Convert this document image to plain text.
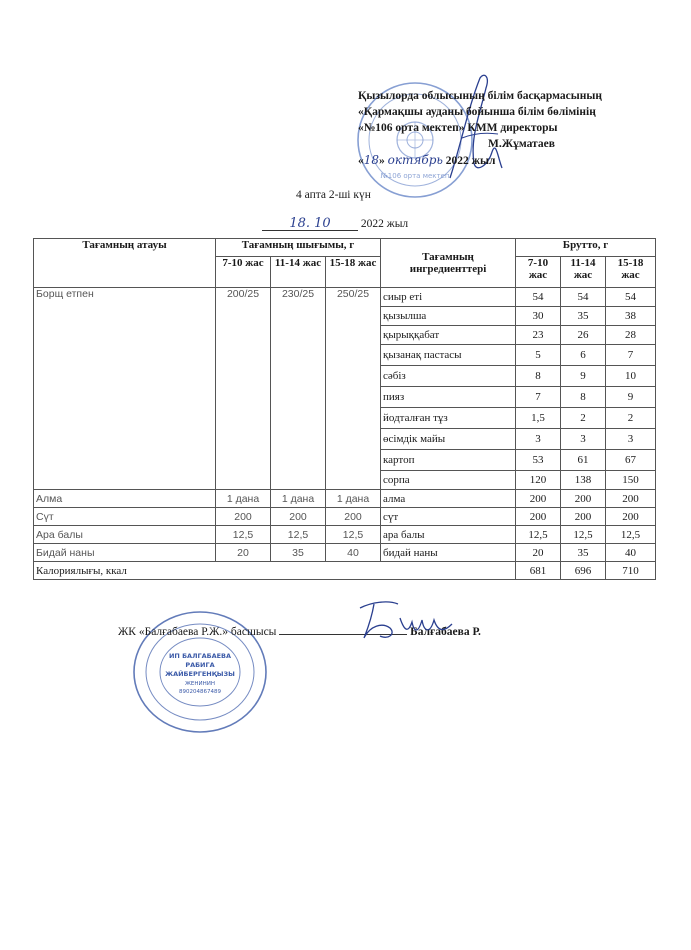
№106 орта мектеп
Қызылорда облысының білім басқармасының
«Қармақшы ауданы бойынша білім бөлімінің
«№106 орта мектеп» КММ директоры
М.Жұматаев
«18» октябрь 2022 жыл
4 апта 2-ші күн
18. 10	2022 жыл
Тағамның атауы	Тағамның шығымы, г			Тағамның ингредиенттері	Брутто, г		
	7-10 жас	11-14 жас	15-18 жас		7-10 жас	11-14 жас	15-18 жас
Борщ етпен	200/25	230/25	250/25	сиыр еті	54	54	54
				қызылша	30	35	38
				қырыққабат	23	26	28
				қызанақ пастасы	5	6	7
				сәбіз	8	9	10
				пияз	7	8	9
				йодталған тұз	1,5	2	2
				өсімдік майы	3	3	3
				картоп	53	61	67
				сорпа	120	138	150
Алма	1 дана	1 дана	1 дана	алма	200	200	200
Сүт	200	200	200	сүт	200	200	200
Ара балы	12,5	12,5	12,5	ара балы	12,5	12,5	12,5
Бидай наны	20	35	40	бидай наны	20	35	40
Калориялығы, ккал					681	696	710
ИП БАЛГАБАЕВА
РАБИГА
ЖАЙБЕРГЕНҚЫЗЫ
ЖЕНИНИН
890204867489
ЖК «Балғабаева Р.Ж.» басшысы	Балғабаева Р.
